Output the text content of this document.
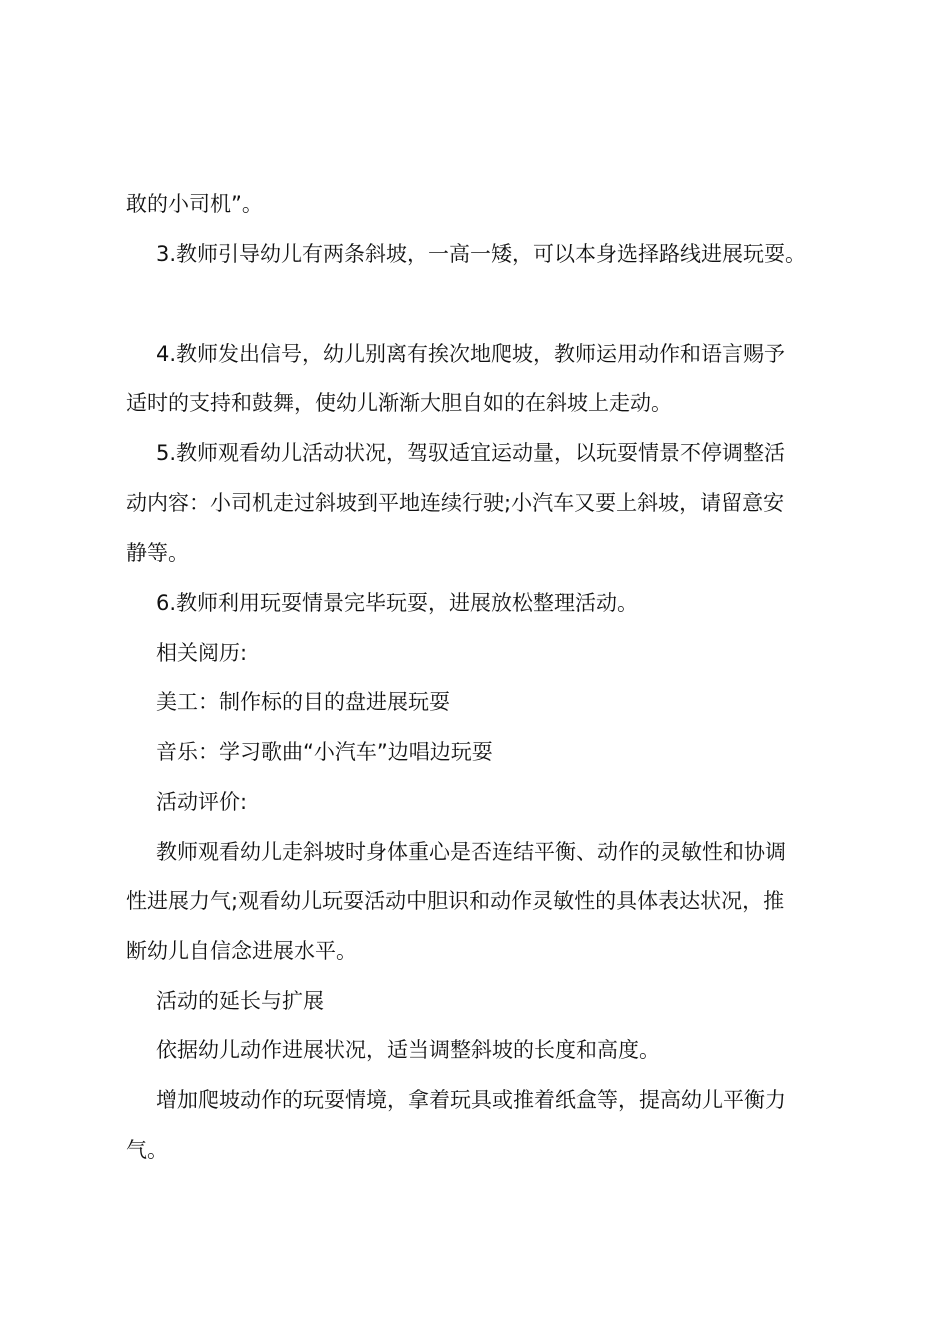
敢的小司机”。
3.教师引导幼儿有两条斜坡，一高一矮，可以本身选择路线进展玩耍。
4.教师发出信号，幼儿别离有挨次地爬坡，教师运用动作和语言赐予
适时的支持和鼓舞，使幼儿渐渐大胆自如的在斜坡上走动。
5.教师观看幼儿活动状况，驾驭适宜运动量，以玩耍情景不停调整活
动内容：小司机走过斜坡到平地连续行驶;小汽车又要上斜坡，请留意安
静等。
6.教师利用玩耍情景完毕玩耍，进展放松整理活动。
相关阅历:
美工：制作标的目的盘进展玩耍
音乐：学习歌曲“小汽车”边唱边玩耍
活动评价:
教师观看幼儿走斜坡时身体重心是否连结平衡、动作的灵敏性和协调
性进展力气;观看幼儿玩耍活动中胆识和动作灵敏性的具体表达状况，推
断幼儿自信念进展水平。
活动的延长与扩展
依据幼儿动作进展状况，适当调整斜坡的长度和高度。
增加爬坡动作的玩耍情境，拿着玩具或推着纸盒等，提高幼儿平衡力
气。
